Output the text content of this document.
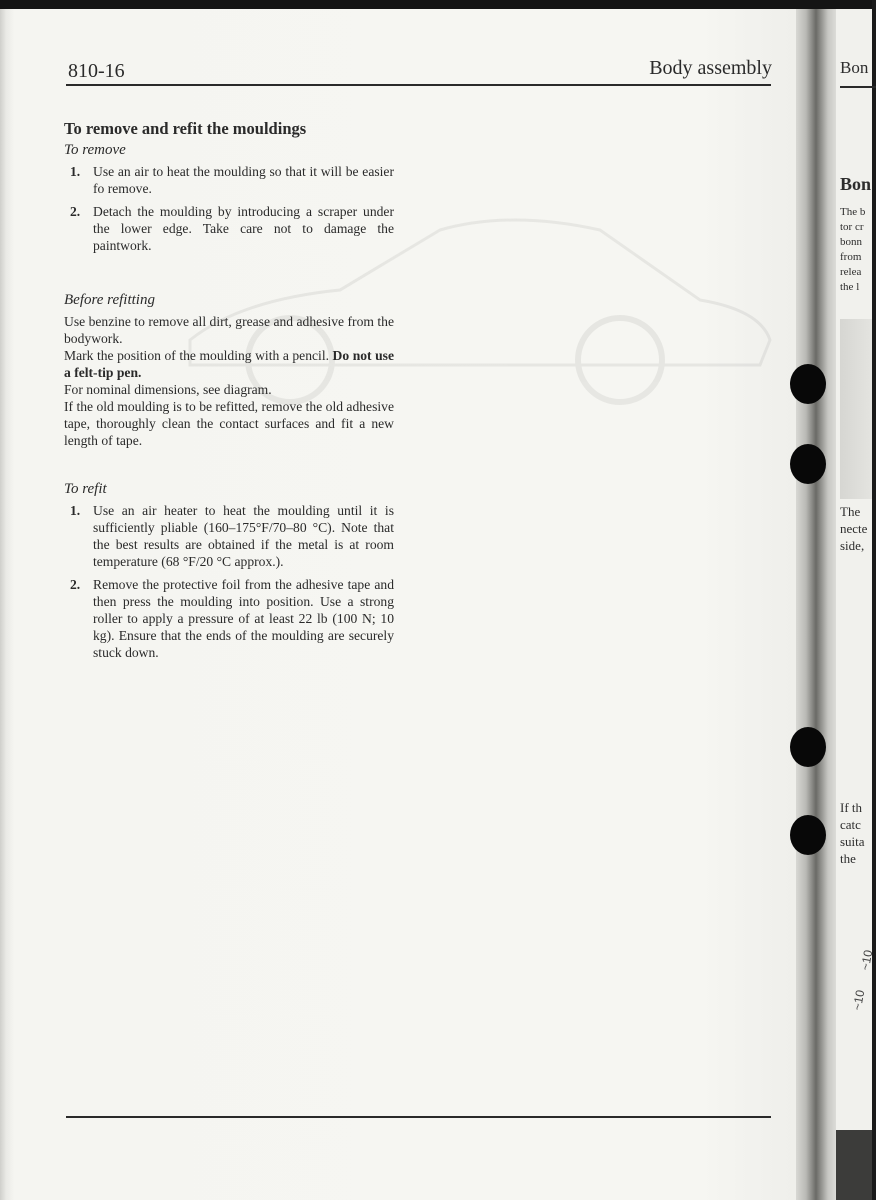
810-16	Body assembly
To remove and refit the mouldings
To remove
1. Use an air to heat the moulding so that it will be easier fo remove.
2. Detach the moulding by introducing a scraper under the lower edge. Take care not to damage the paintwork.
Before refitting

Use benzine to remove all dirt, grease and adhesive from the bodywork.

Mark the position of the moulding with a pencil. Do not use a felt-tip pen.

For nominal dimensions, see diagram.

If the old moulding is to be refitted, remove the old adhesive tape, thoroughly clean the contact surfaces and fit a new length of tape.

To refit
1. Use an air heater to heat the moulding until it is sufficiently pliable (160–175°F/70–80 °C). Note that the best results are obtained if the metal is at room temperature (68 °F/20 °C approx.).
2. Remove the protective foil from the adhesive tape and then press the moulding into position. Use a strong roller to apply a pressure of at least 22 lb (100 N; 10 kg). Ensure that the ends of the moulding are securely stuck down.
Bon
Bon
The b
tor cr
bonn
from
relea
the l
The
necte
side,
If th
catc
suita
the
~10
~10
